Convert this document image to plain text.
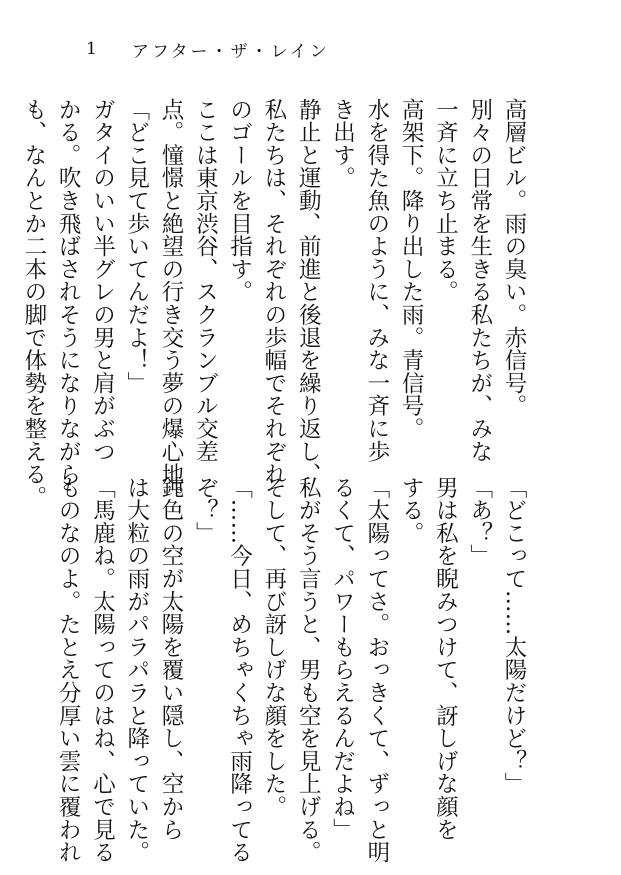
1 アフター・ザ・レイン
高層ビル。雨の臭い。赤信号。
別々の日常を生きる私たちが、みな
一斉に立ち止まる。
高架下。降り出した雨。青信号。
水を得た魚のように、みな一斉に歩
き出す。
静止と運動、前進と後退を繰り返し、
私たちは、それぞれの歩幅でそれぞれ
のゴールを目指す。
ここは東京渋谷、スクランブル交差
点。憧憬と絶望の行き交う夢の爆心地。
「どこ見て歩いてんだよ！」
ガタイのいい半グレの男と肩がぶつ
かる。吹き飛ばされそうになりながら
も、なんとか二本の脚で体勢を整える。
「どこって……太陽だけど？」
「あ？」
男は私を睨みつけて、訝しげな顔を
する。
「太陽ってさ。おっきくて、ずっと明
るくて、パワーもらえるんだよね」
私がそう言うと、男も空を見上げる。
そして、再び訝しげな顔をした。
「……今日、めちゃくちゃ雨降ってる
ぞ？」
鈍色の空が太陽を覆い隠し、空から
は大粒の雨がパラパラと降っていた。
「馬鹿ね。太陽ってのはね、心で見る
ものなのよ。たとえ分厚い雲に覆われ
